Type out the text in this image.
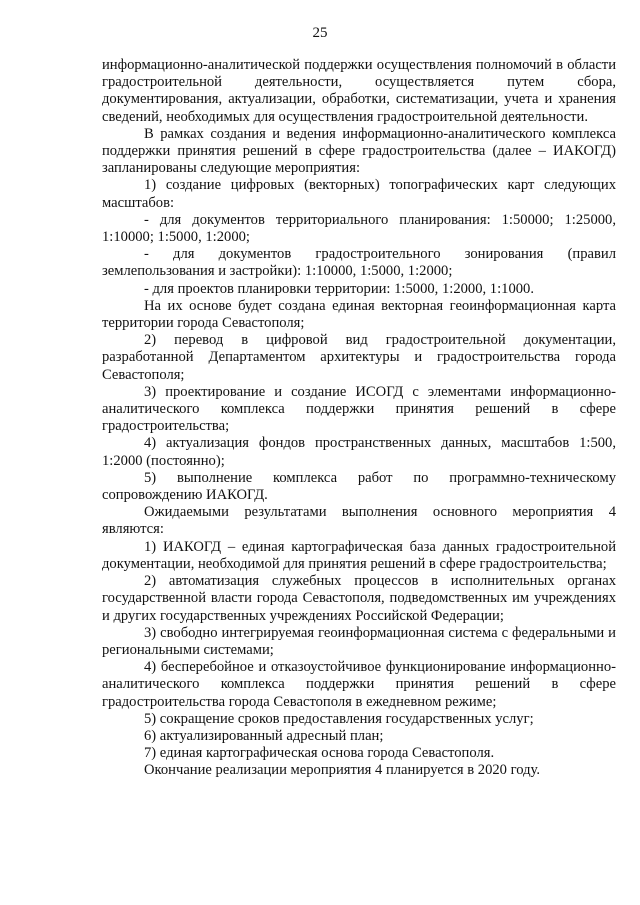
25

информационно-аналитической поддержки осуществления полномочий в области градостроительной деятельности, осуществляется путем сбора, документирования, актуализации, обработки, систематизации, учета и хранения сведений, необходимых для осуществления градостроительной деятельности.

В рамках создания и ведения информационно-аналитического комплекса поддержки принятия решений в сфере градостроительства (далее – ИАКОГД) запланированы следующие мероприятия:

1) создание цифровых (векторных) топографических карт следующих масштабов:

- для документов территориального планирования: 1:50000; 1:25000, 1:10000; 1:5000, 1:2000;

- для документов градостроительного зонирования (правил землепользования и застройки): 1:10000, 1:5000, 1:2000;

- для проектов планировки территории: 1:5000, 1:2000, 1:1000.

На их основе будет создана единая векторная геоинформационная карта территории города Севастополя;

2) перевод в цифровой вид градостроительной документации, разработанной Департаментом архитектуры и градостроительства города Севастополя;

3) проектирование и создание ИСОГД с элементами информационно-аналитического комплекса поддержки принятия решений в сфере градостроительства;

4) актуализация фондов пространственных данных, масштабов 1:500, 1:2000 (постоянно);

5) выполнение комплекса работ по программно-техническому сопровождению ИАКОГД.

Ожидаемыми результатами выполнения основного мероприятия 4 являются:

1) ИАКОГД – единая картографическая база данных градостроительной документации, необходимой для принятия решений в сфере градостроительства;

2) автоматизация служебных процессов в исполнительных органах государственной власти города Севастополя, подведомственных им учреждениях и других государственных учреждениях Российской Федерации;

3) свободно интегрируемая геоинформационная система с федеральными и региональными системами;

4) бесперебойное и отказоустойчивое функционирование информационно-аналитического комплекса поддержки принятия решений в сфере градостроительства города Севастополя в ежедневном режиме;

5) сокращение сроков предоставления государственных услуг;

6) актуализированный адресный план;

7) единая картографическая основа города Севастополя.

Окончание реализации мероприятия 4 планируется в 2020 году.
